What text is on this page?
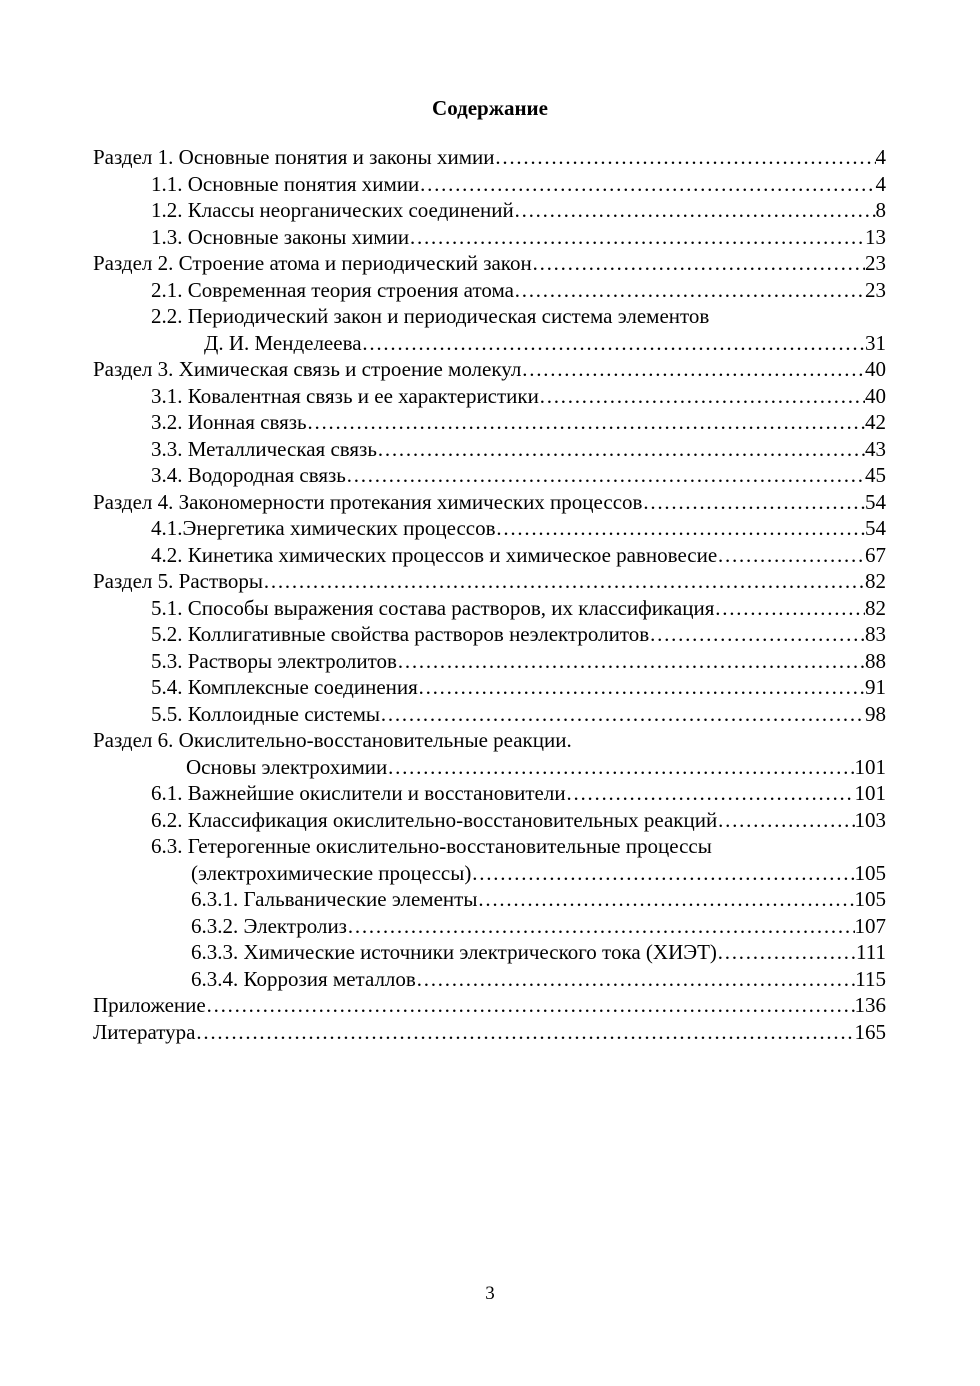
Содержание
Раздел 1. Основные понятия и законы химии ……………………………………………………………………………………………………………………………………………………………………………………………………	4
1.1. Основные понятия химии ……………………………………………………………………………………………………………………………………………………………………………………………………	4
1.2. Классы неорганических соединений ……………………………………………………………………………………………………………………………………………………………………………………………………	8
1.3. Основные законы химии ……………………………………………………………………………………………………………………………………………………………………………………………………	13
Раздел 2. Строение атома и периодический закон ……………………………………………………………………………………………………………………………………………………………………………………………………	23
2.1. Современная теория строения атома ……………………………………………………………………………………………………………………………………………………………………………………………………	23
2.2. Периодический закон и периодическая система элементов
Д. И. Менделеева ……………………………………………………………………………………………………………………………………………………………………………………………………	31
Раздел 3. Химическая связь и строение молекул ……………………………………………………………………………………………………………………………………………………………………………………………………	40
3.1. Ковалентная связь и ее характеристики ……………………………………………………………………………………………………………………………………………………………………………………………………	40
3.2. Ионная связь ……………………………………………………………………………………………………………………………………………………………………………………………………	42
3.3. Металлическая связь ……………………………………………………………………………………………………………………………………………………………………………………………………	43
3.4. Водородная связь ……………………………………………………………………………………………………………………………………………………………………………………………………	45
Раздел 4. Закономерности протекания химических процессов ……………………………………………………………………………………………………………………………………………………………………………………………………	54
4.1.Энергетика химических процессов ……………………………………………………………………………………………………………………………………………………………………………………………………	54
4.2. Кинетика химических процессов и химическое равновесие ……………………………………………………………………………………………………………………………………………………………………………………………………	67
Раздел 5. Растворы ……………………………………………………………………………………………………………………………………………………………………………………………………	82
5.1. Способы выражения состава растворов, их классификация ……………………………………………………………………………………………………………………………………………………………………………………………………	82
5.2. Коллигативные свойства растворов неэлектролитов ……………………………………………………………………………………………………………………………………………………………………………………………………	83
5.3. Растворы электролитов ……………………………………………………………………………………………………………………………………………………………………………………………………	88
5.4. Комплексные соединения ……………………………………………………………………………………………………………………………………………………………………………………………………	91
5.5. Коллоидные системы ……………………………………………………………………………………………………………………………………………………………………………………………………	98
Раздел 6. Окислительно-восстановительные реакции.
Основы электрохимии ……………………………………………………………………………………………………………………………………………………………………………………………………	101
6.1. Важнейшие окислители и восстановители ……………………………………………………………………………………………………………………………………………………………………………………………………	101
6.2. Классификация окислительно-восстановительных реакций ……………………………………………………………………………………………………………………………………………………………………………………………………	103
6.3. Гетерогенные окислительно-восстановительные процессы
(электрохимические процессы) ……………………………………………………………………………………………………………………………………………………………………………………………………	105
6.3.1. Гальванические элементы ……………………………………………………………………………………………………………………………………………………………………………………………………	105
6.3.2. Электролиз ……………………………………………………………………………………………………………………………………………………………………………………………………	107
6.3.3. Химические источники электрического тока (ХИЭТ) ……………………………………………………………………………………………………………………………………………………………………………………………………	111
6.3.4. Коррозия металлов ……………………………………………………………………………………………………………………………………………………………………………………………………	115
Приложение ……………………………………………………………………………………………………………………………………………………………………………………………………	136
Литература ……………………………………………………………………………………………………………………………………………………………………………………………………	165
3
